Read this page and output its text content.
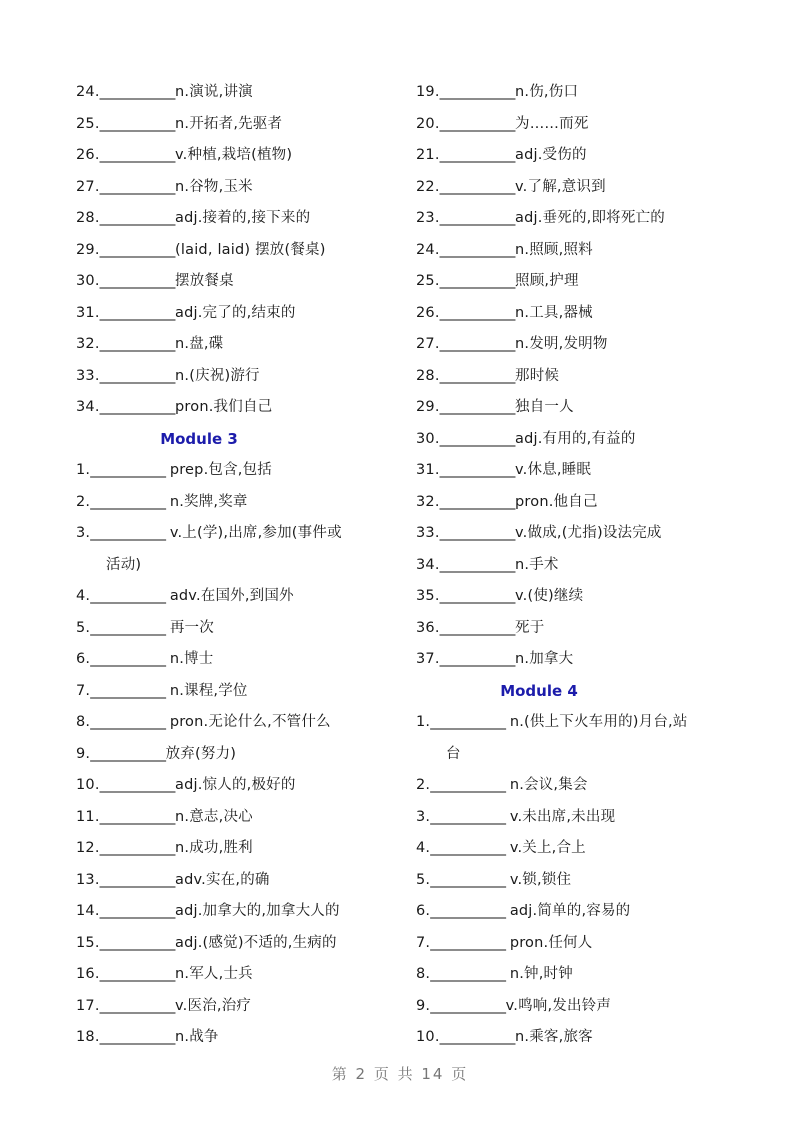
24.___________n.演说,讲演
25.___________n.开拓者,先驱者
26.___________v.种植,栽培(植物)
27.___________n.谷物,玉米
28.___________adj.接着的,接下来的
29.___________(laid, laid) 摆放(餐桌)
30.___________摆放餐桌
31.___________adj.完了的,结束的
32.___________n.盘,碟
33.___________n.(庆祝)游行
34.___________pron.我们自己
Module 3
1.___________ prep.包含,包括
2.___________ n.奖牌,奖章
3.___________ v.上(学),出席,参加(事件或
活动)
4.___________ adv.在国外,到国外
5.___________ 再一次
6.___________ n.博士
7.___________ n.课程,学位
8.___________ pron.无论什么,不管什么
9.___________放弃(努力)
10.___________adj.惊人的,极好的
11.___________n.意志,决心
12.___________n.成功,胜利
13.___________adv.实在,的确
14.___________adj.加拿大的,加拿大人的
15.___________adj.(感觉)不适的,生病的
16.___________n.军人,士兵
17.___________v.医治,治疗
18.___________n.战争
19.___________n.伤,伤口
20.___________为……而死
21.___________adj.受伤的
22.___________v.了解,意识到
23.___________adj.垂死的,即将死亡的
24.___________n.照顾,照料
25.___________照顾,护理
26.___________n.工具,器械
27.___________n.发明,发明物
28.___________那时候
29.___________独自一人
30.___________adj.有用的,有益的
31.___________v.休息,睡眠
32.___________pron.他自己
33.___________v.做成,(尤指)设法完成
34.___________n.手术
35.___________v.(使)继续
36.___________死于
37.___________n.加拿大
Module 4
1.___________ n.(供上下火车用的)月台,站
台
2.___________ n.会议,集会
3.___________ v.未出席,未出现
4.___________ v.关上,合上
5.___________ v.锁,锁住
6.___________ adj.简单的,容易的
7.___________ pron.任何人
8.___________ n.钟,时钟
9.___________v.鸣响,发出铃声
10.___________n.乘客,旅客
第 2 页 共 14 页
